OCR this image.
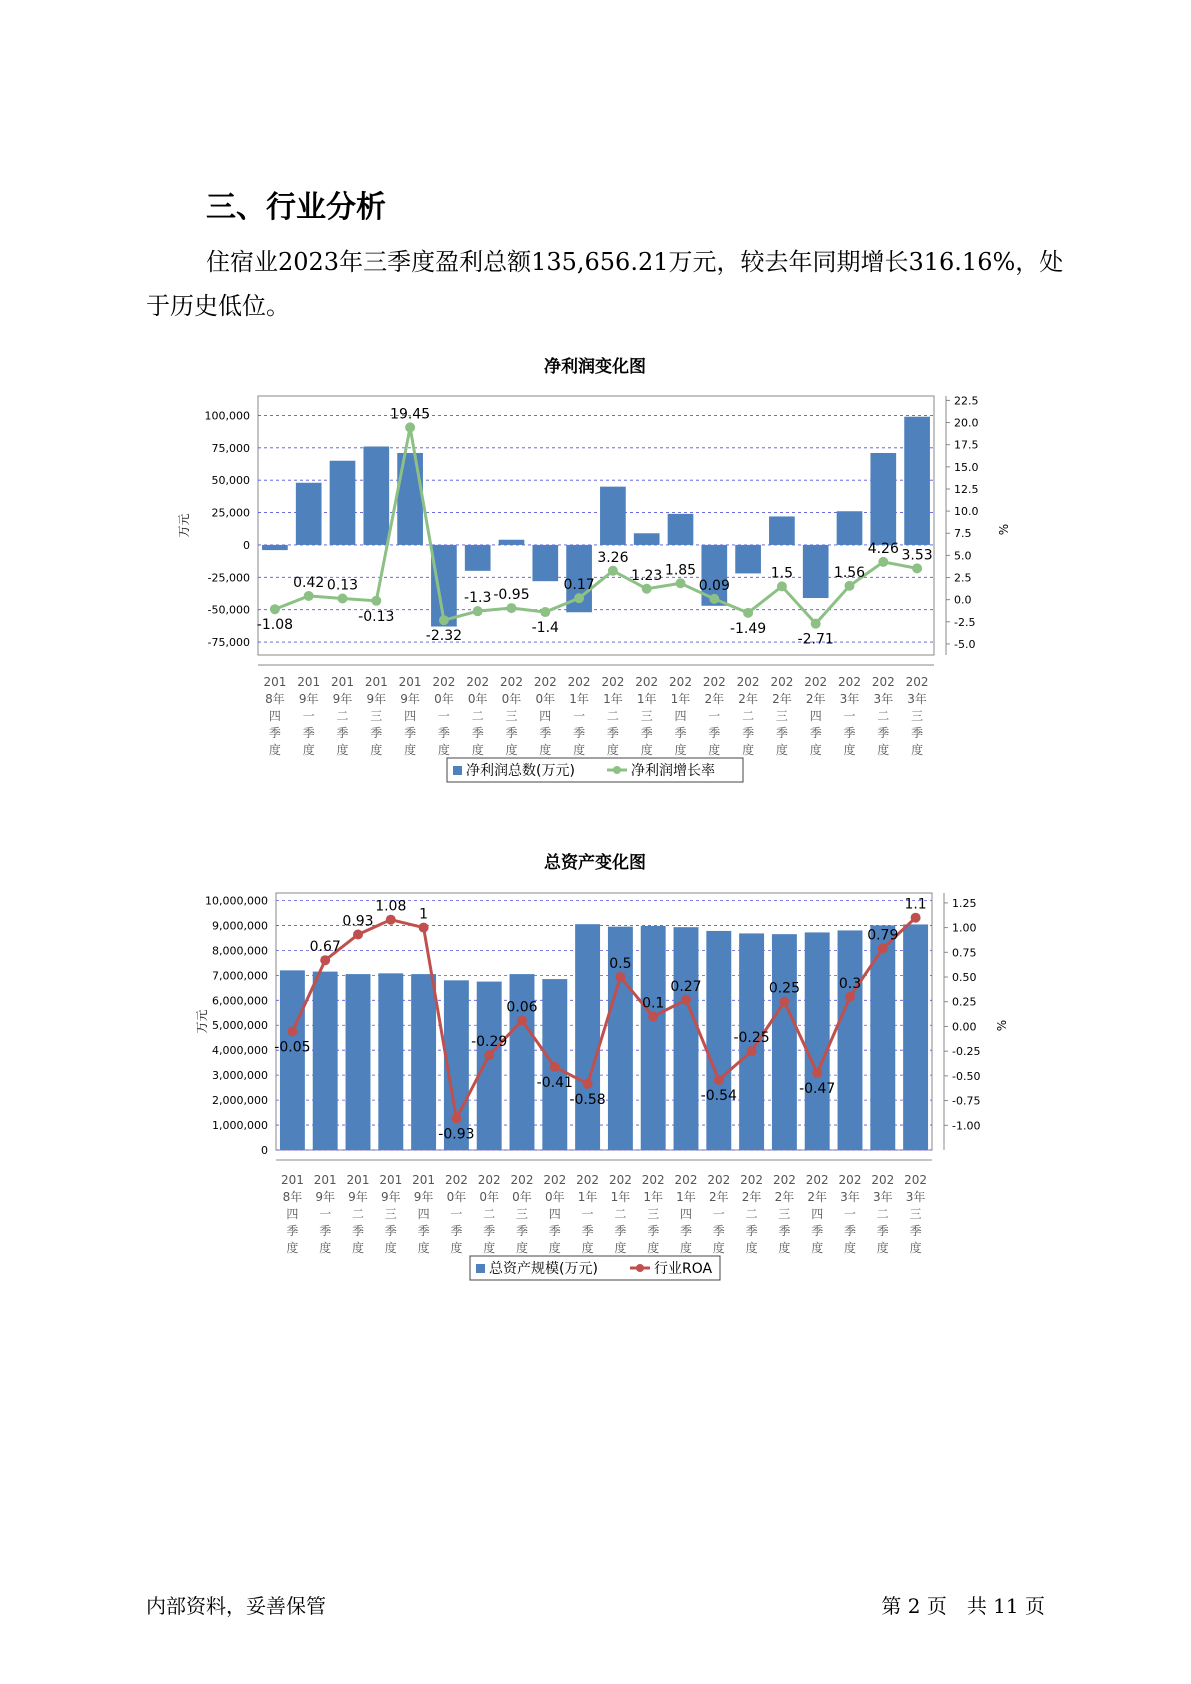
三、行业分析

住宿业2023年三季度盈利总额135,656.21万元，较去年同期增长316.16%，处于历史低位。

净利润变化图
-75,000
-50,000
-25,000
0
25,000
50,000
75,000
100,000
-5.0
-2.5
0.0
2.5
5.0
7.5
10.0
12.5
15.0
17.5
20.0
22.5
万元	%
201 8年四季度
201 9年一季度
201 9年二季度
201 9年三季度
201 9年四季度
202 0年一季度
202 0年二季度
202 0年三季度
202 0年四季度
202 1年一季度
202 1年二季度
202 1年三季度
202 1年四季度
202 2年一季度
202 2年二季度
202 2年三季度
202 2年四季度
202 3年一季度
202 3年二季度
202 3年三季度
-1.08
0.42 0.13
-0.13
19.45
-2.32
-1.3 -0.95
-1.4
0.17
3.26
1.23 1.85
0.09
-1.49
1.5
-2.71
1.56
4.26 3.53
净利润总数(万元)	净利润增长率
总资产变化图
0
1,000,000
2,000,000
3,000,000
4,000,000
5,000,000
6,000,000
7,000,000
8,000,000
9,000,000
10,000,000
-1.00
-0.75
-0.50
-0.25
0.00
0.25
0.50
0.75
1.00
1.25
万元	%
201 8年四季度
201 9年一季度
201 9年二季度
201 9年三季度
201 9年四季度
202 0年一季度
202 0年二季度
202 0年三季度
202 0年四季度
202 1年一季度
202 1年二季度
202 1年三季度
202 1年四季度
202 2年一季度
202 2年二季度
202 2年三季度
202 2年四季度
202 3年一季度
202 3年二季度
202 3年三季度
-0.05
0.67
0.93
1.08 1
-0.93
-0.29
0.06
-0.41
-0.58
0.5
0.1
0.27
-0.54
-0.25
0.25
-0.47
0.3
0.79
1.1
总资产规模(万元)	行业ROA
内部资料，妥善保管	第 2 页　共 11 页
